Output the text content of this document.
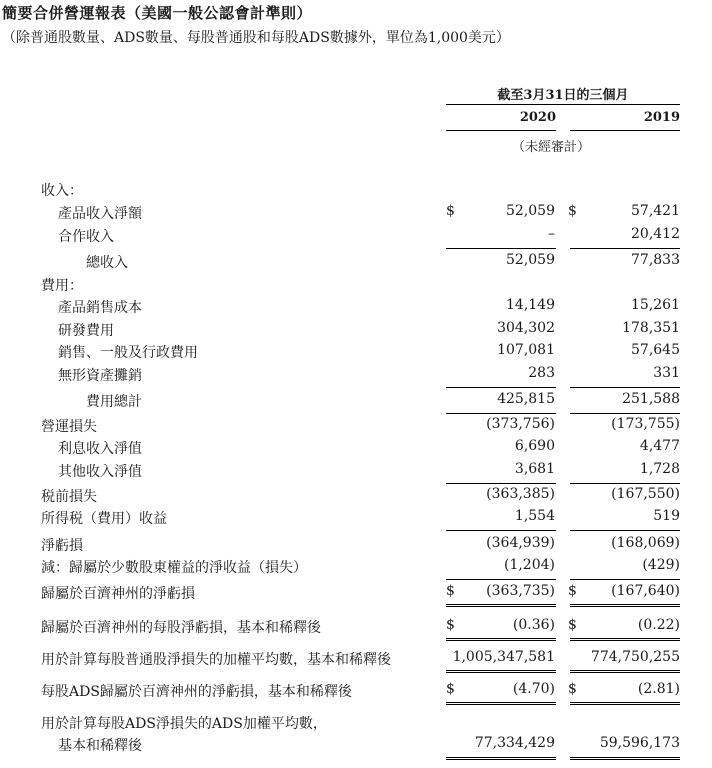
簡要合併營運報表（美國一般公認會計準則）
（除普通股數量、ADS數量、每股普通股和每股ADS數據外，單位為1,000美元）
截至3月31日的三個月
2020	2019
（未經審計）
收入：
產品收入淨額	$	52,059 $	57,421
合作收入	–	20,412
總收入	52,059	77,833
費用：
產品銷售成本	14,149	15,261
研發費用	304,302	178,351
銷售、一般及行政費用	107,081	57,645
無形資產攤銷	283	331
費用總計	425,815	251,588
營運損失	(373,756)	(173,755)
利息收入淨值	6,690	4,477
其他收入淨值	3,681	1,728
税前損失	(363,385)	(167,550)
所得税（費用）收益	1,554	519
淨虧損	(364,939)	(168,069)
減：歸屬於少數股東權益的淨收益（損失）	(1,204)	(429)
歸屬於百濟神州的淨虧損	$ (363,735) $ (167,640)
歸屬於百濟神州的每股淨虧損，基本和稀釋後	$	(0.36) $	(0.22)
用於計算每股普通股淨損失的加權平均數，基本和稀釋後	1,005,347,581	774,750,255
每股ADS歸屬於百濟神州的淨虧損，基本和稀釋後	$	(4.70) $	(2.81)
用於計算每股ADS淨損失的ADS加權平均數，
基本和稀釋後	77,334,429	59,596,173
